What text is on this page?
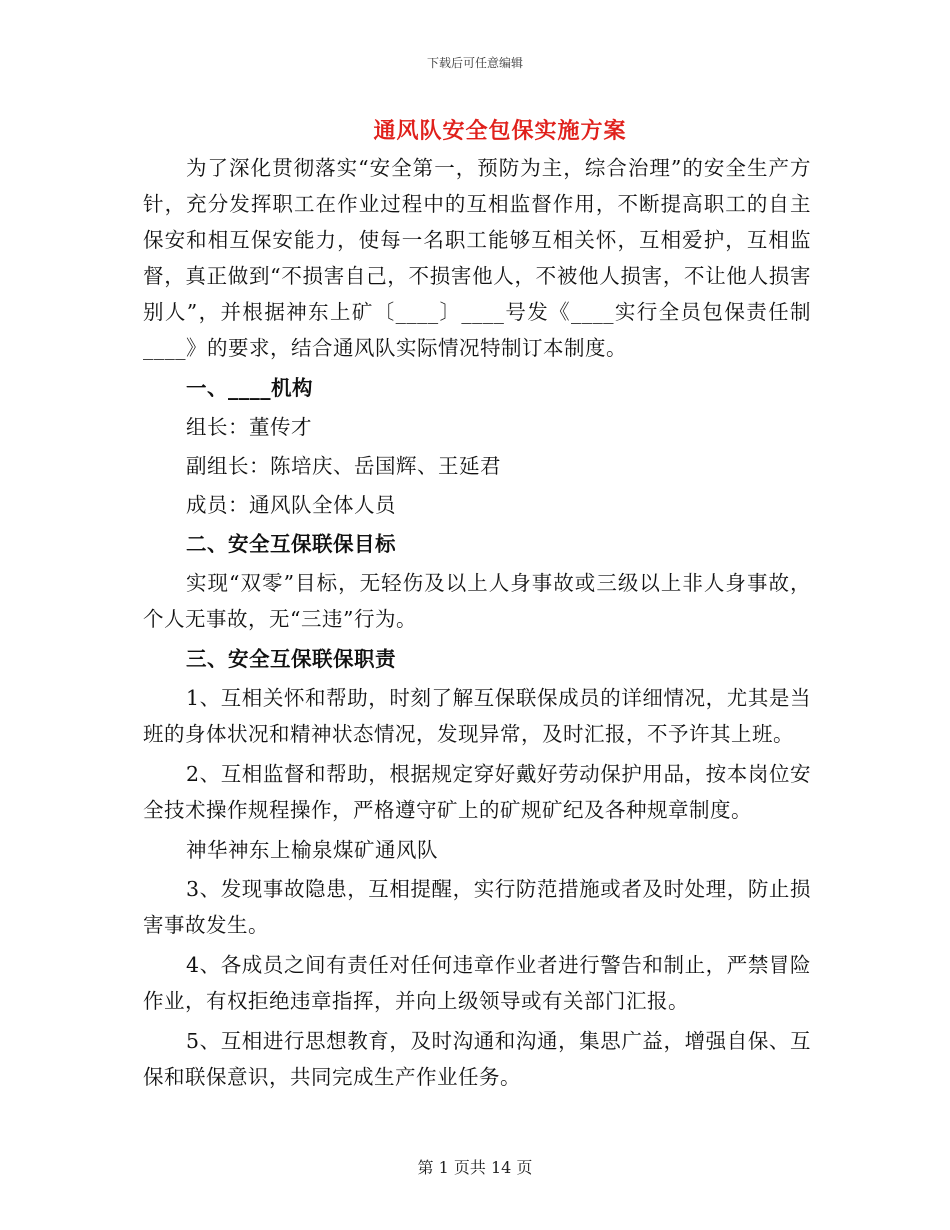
下载后可任意编辑
通风队安全包保实施方案

为了深化贯彻落实“安全第一，预防为主，综合治理”的安全生产方针，充分发挥职工在作业过程中的互相监督作用，不断提高职工的自主保安和相互保安能力，使每一名职工能够互相关怀，互相爱护，互相监督，真正做到“不损害自己，不损害他人，不被他人损害，不让他人损害别人”，并根据神东上矿〔____〕____号发《____实行全员包保责任制____》的要求，结合通风队实际情况特制订本制度。

一、____机构

组长：董传才

副组长：陈培庆、岳国辉、王延君

成员：通风队全体人员

二、安全互保联保目标

实现“双零”目标，无轻伤及以上人身事故或三级以上非人身事故，个人无事故，无“三违”行为。

三、安全互保联保职责

1、互相关怀和帮助，时刻了解互保联保成员的详细情况，尤其是当班的身体状况和精神状态情况，发现异常，及时汇报，不予许其上班。

2、互相监督和帮助，根据规定穿好戴好劳动保护用品，按本岗位安全技术操作规程操作，严格遵守矿上的矿规矿纪及各种规章制度。

神华神东上榆泉煤矿通风队

3、发现事故隐患，互相提醒，实行防范措施或者及时处理，防止损害事故发生。

4、各成员之间有责任对任何违章作业者进行警告和制止，严禁冒险作业，有权拒绝违章指挥，并向上级领导或有关部门汇报。

5、互相进行思想教育，及时沟通和沟通，集思广益，增强自保、互保和联保意识，共同完成生产作业任务。

第 1 页共 14 页
